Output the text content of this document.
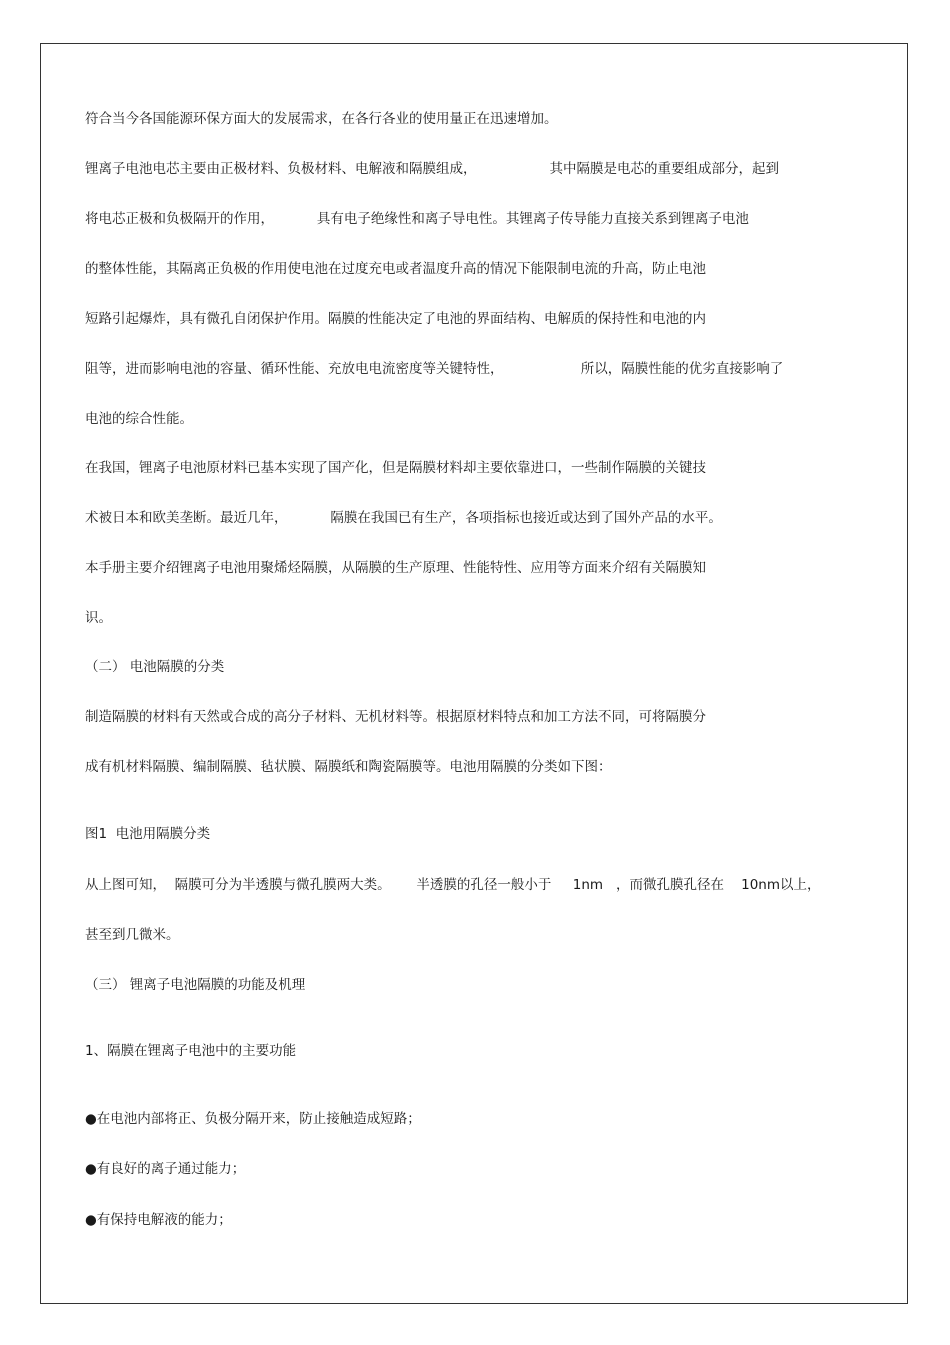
符合当今各国能源环保方面大的发展需求，在各行各业的使用量正在迅速增加。

锂离子电池电芯主要由正极材料、负极材料、电解液和隔膜组成，                 其中隔膜是电芯的重要组成部分，起到

将电芯正极和负极隔开的作用，          具有电子绝缘性和离子导电性。其锂离子传导能力直接关系到锂离子电池

的整体性能，其隔离正负极的作用使电池在过度充电或者温度升高的情况下能限制电流的升高，防止电池

短路引起爆炸，具有微孔自闭保护作用。隔膜的性能决定了电池的界面结构、电解质的保持性和电池的内

阻等，进而影响电池的容量、循环性能、充放电电流密度等关键特性，                  所以，隔膜性能的优劣直接影响了

电池的综合性能。

在我国，锂离子电池原材料已基本实现了国产化，但是隔膜材料却主要依靠进口，一些制作隔膜的关键技

术被日本和欧美垄断。最近几年，          隔膜在我国已有生产，各项指标也接近或达到了国外产品的水平。

本手册主要介绍锂离子电池用聚烯烃隔膜，从隔膜的生产原理、性能特性、应用等方面来介绍有关隔膜知

识。

（二） 电池隔膜的分类

制造隔膜的材料有天然或合成的高分子材料、无机材料等。根据原材料特点和加工方法不同，可将隔膜分

成有机材料隔膜、编制隔膜、毡状膜、隔膜纸和陶瓷隔膜等。电池用隔膜的分类如下图：

图1  电池用隔膜分类

从上图可知，  隔膜可分为半透膜与微孔膜两大类。      半透膜的孔径一般小于     1nm   ，而微孔膜孔径在    10nm以上，

甚至到几微米。

（三） 锂离子电池隔膜的功能及机理

1、隔膜在锂离子电池中的主要功能

●在电池内部将正、负极分隔开来，防止接触造成短路；

●有良好的离子通过能力；

●有保持电解液的能力；
